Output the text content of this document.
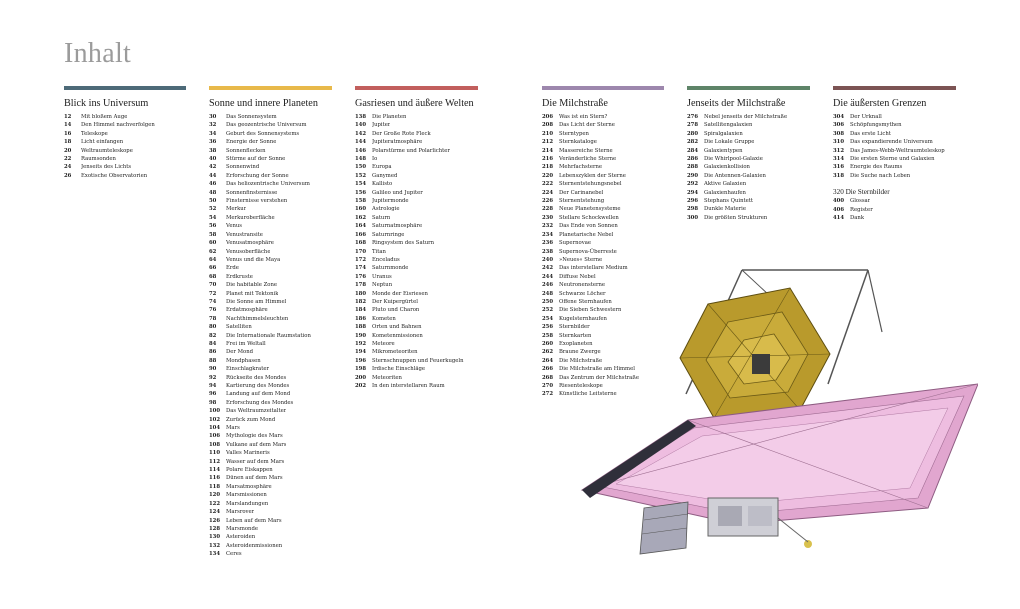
Inhalt
Blick ins Universum
12	Mit bloßem Auge
14	Den Himmel nachverfolgen
16	Teleskope
18	Licht einfangen
20	Weltraumteleskope
22	Raumsonden
24	Jenseits des Lichts
26	Exotische Observatorien
Sonne und innere Planeten
30	Das Sonnensystem
32	Das geozentrische Universum
34	Geburt des Sonnensystems
36	Energie der Sonne
38	Sonnenflecken
40	Stürme auf der Sonne
42	Sonnenwind
44	Erforschung der Sonne
46	Das heliozentrische Universum
48	Sonnenfinsternisse
50	Finsternisse verstehen
52	Merkur
54	Merkuroberfläche
56	Venus
58	Venustransite
60	Venusatmosphäre
62	Venusoberfläche
64	Venus und die Maya
66	Erde
68	Erdkruste
70	Die habitable Zone
72	Planet mit Tektonik
74	Die Sonne am Himmel
76	Erdatmosphäre
78	Nachthimmelsleuchten
80	Satelliten
82	Die Internationale Raumstation
84	Frei im Weltall
86	Der Mond
88	Mondphasen
90	Einschlagkrater
92	Rückseite des Mondes
94	Kartierung des Mondes
96	Landung auf dem Mond
98	Erforschung des Mondes
100	Das Weltraumzeitalter
102	Zurück zum Mond
104	Mars
106	Mythologie des Mars
108	Vulkane auf dem Mars
110	Valles Marineris
112	Wasser auf dem Mars
114	Polare Eiskappen
116	Dünen auf dem Mars
118	Marsatmosphäre
120	Marsmissionen
122	Marslandungen
124	Marsrover
126	Leben auf dem Mars
128	Marsmonde
130	Asteroiden
132	Asteroidenmissionen
134	Ceres
Gasriesen und äußere Welten
138	Die Planeten
140	Jupiter
142	Der Große Rote Fleck
144	Jupiteratmosphäre
146	Polarstürme und Polarlichter
148	Io
150	Europa
152	Ganymed
154	Kallisto
156	Galileo und Jupiter
158	Jupitermonde
160	Astrologie
162	Saturn
164	Saturnatmosphäre
166	Saturnringe
168	Ringsystem des Saturn
170	Titan
172	Enceladus
174	Saturnmonde
176	Uranus
178	Neptun
180	Monde der Eisriesen
182	Der Kuipergürtel
184	Pluto und Charon
186	Kometen
188	Orten und Bahnen
190	Kometenmissionen
192	Meteore
194	Mikrometeoriten
196	Sternschnuppen und Feuerkugeln
198	Irdische Einschläge
200	Meteoriten
202	In den interstellaren Raum
Die Milchstraße
206	Was ist ein Stern?
208	Das Licht der Sterne
210	Sterntypen
212	Sternkataloge
214	Massereiche Sterne
216	Veränderliche Sterne
218	Mehrfachsterne
220	Lebenszyklen der Sterne
222	Sternentstehungsnebel
224	Der Carinanebel
226	Sternentstehung
228	Neue Planetensysteme
230	Stellare Schockwellen
232	Das Ende von Sonnen
234	Planetarische Nebel
236	Supernovae
238	Supernova-Überreste
240	»Neues« Sterne
242	Das interstellare Medium
244	Diffuse Nebel
246	Neutronensterne
248	Schwarze Löcher
250	Offene Sternhaufen
252	Die Sieben Schwestern
254	Kugelsternhaufen
256	Sternbilder
258	Sternkarten
260	Exoplaneten
262	Braune Zwerge
264	Die Milchstraße
266	Die Milchstraße am Himmel
268	Das Zentrum der Milchstraße
270	Riesenteleskope
272	Künstliche Leitsterne
Jenseits der Milchstraße
276	Nebel jenseits der Milchstraße
278	Satellitengalaxien
280	Spiralgalaxien
282	Die Lokale Gruppe
284	Galaxientypen
286	Die Whirlpool-Galaxie
288	Galaxienkollision
290	Die Antennen-Galaxien
292	Aktive Galaxien
294	Galaxienhaufen
296	Stephans Quintett
298	Dunkle Materie
300	Die größten Strukturen
Die äußersten Grenzen
304	Der Urknall
306	Schöpfungsmythen
308	Das erste Licht
310	Das expandierende Universum
312	Das James-Webb-Weltraumteleskop
314	Die ersten Sterne und Galaxien
316	Energie des Raums
318	Die Suche nach Leben
320 Die Sternbilder
400	Glossar
406	Register
414	Dank
